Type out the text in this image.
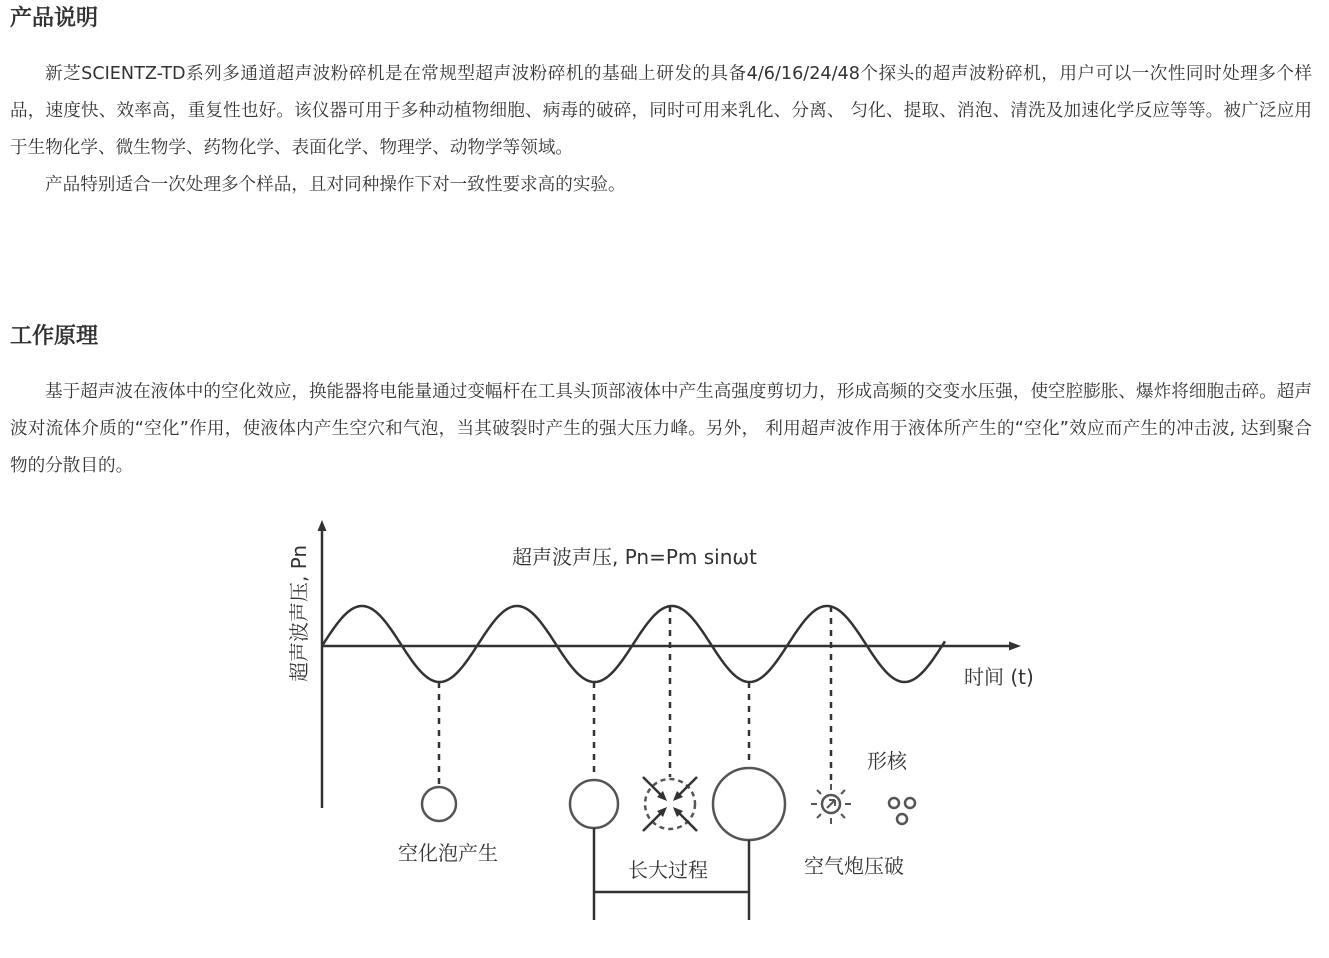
产品说明

新芝SCIENTZ-TD系列多通道超声波粉碎机是在常规型超声波粉碎机的基础上研发的具备4/6/16/24/48个探头的超声波粉碎机，用户可以一次性同时处理多个样品，速度快、效率高，重复性也好。该仪器可用于多种动植物细胞、病毒的破碎，同时可用来乳化、分离、 匀化、提取、消泡、清洗及加速化学反应等等。被广泛应用于生物化学、微生物学、药物化学、表面化学、物理学、动物学等领域。

产品特别适合一次处理多个样品，且对同种操作下对一致性要求高的实验。

工作原理

基于超声波在液体中的空化效应，换能器将电能量通过变幅杆在工具头顶部液体中产生高强度剪切力，形成高频的交变水压强，使空腔膨胀、爆炸将细胞击碎。超声波对流体介质的“空化”作用，使液体内产生空穴和气泡，当其破裂时产生的强大压力峰。另外， 利用超声波作用于液体所产生的“空化”效应而产生的冲击波, 达到聚合物的分散目的。

超声波声压, Pn	超声波声压, Pn=Pm sinωt
时间 (t)
空化泡产生
长大过程	空气炮压破
形核
